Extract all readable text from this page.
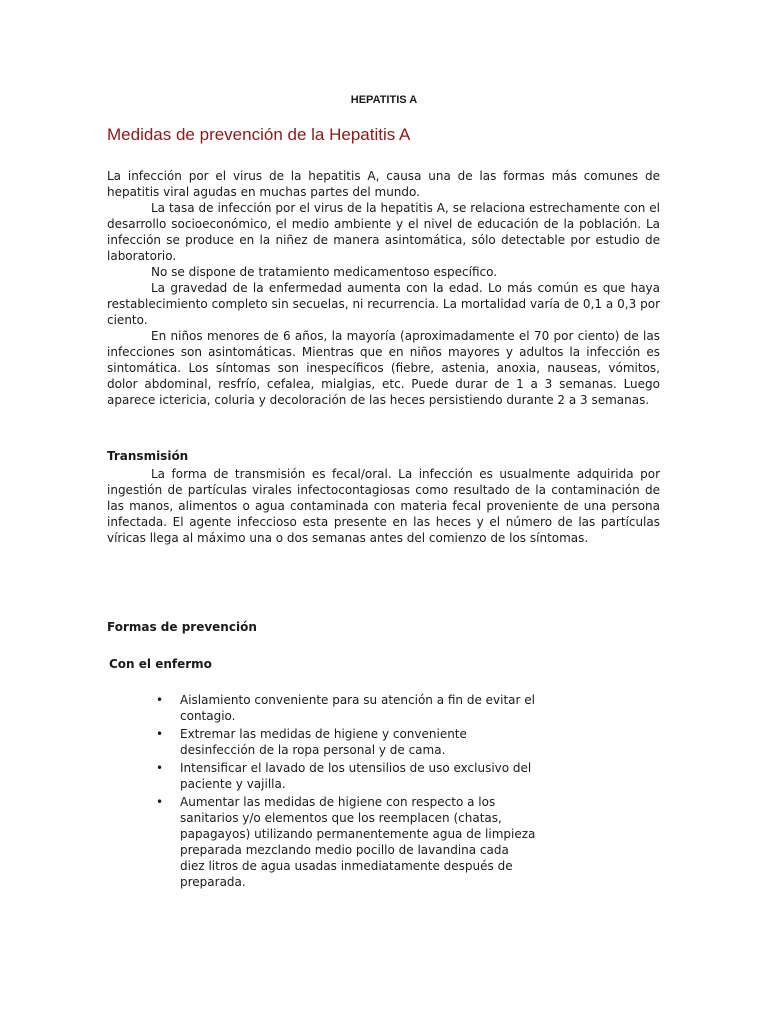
HEPATITIS A
Medidas de prevención de la Hepatitis A

La infección por el virus de la hepatitis A, causa una de las formas más comunes de hepatitis viral agudas en muchas partes del mundo.

La tasa de infección por el virus de la hepatitis A, se relaciona estrechamente con el desarrollo socioeconómico, el medio ambiente y el nivel de educación de la población. La infección se produce en la niñez de manera asintomática, sólo detectable por estudio de laboratorio.

No se dispone de tratamiento medicamentoso específico.

La gravedad de la enfermedad aumenta con la edad. Lo más común es que haya restablecimiento completo sin secuelas, ni recurrencia. La mortalidad varía de 0,1 a 0,3 por ciento.

En niños menores de 6 años, la mayoría (aproximadamente el 70 por ciento) de las infecciones son asintomáticas. Mientras que en niños mayores y adultos la infección es sintomática. Los síntomas son inespecíficos (fiebre, astenia, anoxia, nauseas, vómitos, dolor abdominal, resfrío, cefalea, mialgias, etc. Puede durar de 1 a 3 semanas. Luego aparece ictericia, coluria y decoloración de las heces persistiendo durante 2 a 3 semanas.

Transmisión

La forma de transmisión es fecal/oral. La infección es usualmente adquirida por ingestión de partículas virales infectocontagiosas como resultado de la contaminación de las manos, alimentos o agua contaminada con materia fecal proveniente de una persona infectada. El agente infeccioso esta presente en las heces y el número de las partículas víricas llega al máximo una o dos semanas antes del comienzo de los síntomas.

Formas de prevención
Con el enfermo
• Aislamiento conveniente para su atención a fin de evitar el contagio.
• Extremar las medidas de higiene y conveniente desinfección de la ropa personal y de cama.
• Intensificar el lavado de los utensilios de uso exclusivo del paciente y vajilla.
• Aumentar las medidas de higiene con respecto a los sanitarios y/o elementos que los reemplacen (chatas, papagayos) utilizando permanentemente agua de limpieza preparada mezclando medio pocillo de lavandina cada diez litros de agua usadas inmediatamente después de preparada.
